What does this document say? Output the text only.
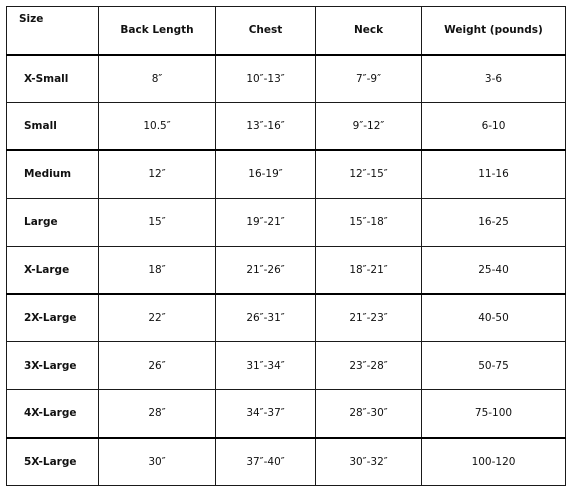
Size	Back Length	Chest	Neck	Weight (pounds)
X-Small	8″	10″-13″	7″-9″	3-6
Small	10.5″	13″-16″	9″-12″	6-10
Medium	12″	16-19″	12″-15″	11-16
Large	15″	19″-21″	15″-18″	16-25
X-Large	18″	21″-26″	18″-21″	25-40
2X-Large	22″	26″-31″	21″-23″	40-50
3X-Large	26″	31″-34″	23″-28″	50-75
4X-Large	28″	34″-37″	28″-30″	75-100
5X-Large	30″	37″-40″	30″-32″	100-120
